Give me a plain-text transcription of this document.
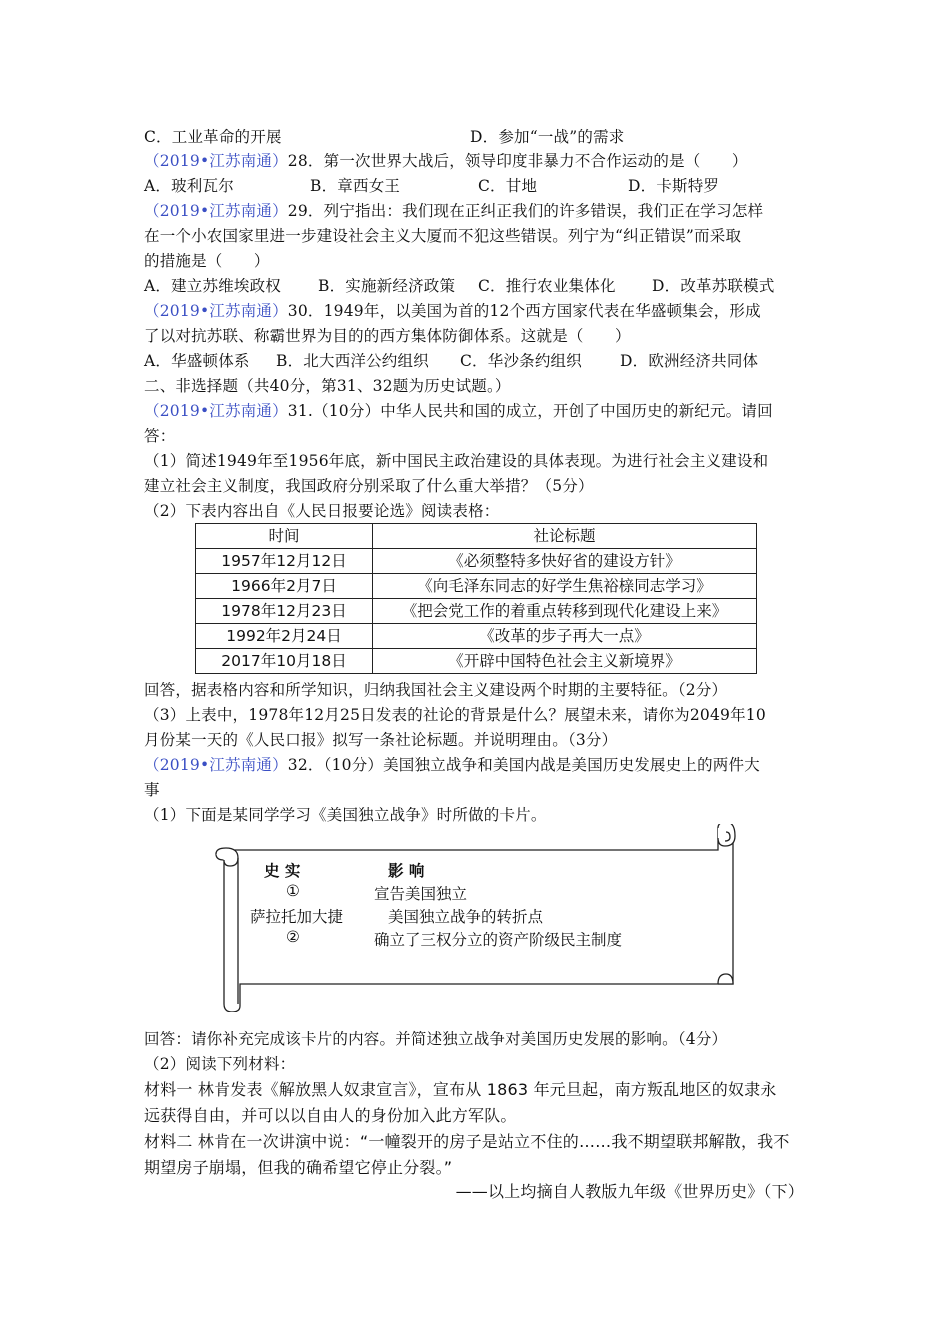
C．工业革命的开展	D．参加“一战”的需求
（2019•江苏南通）28．第一次世界大战后，领导印度非暴力不合作运动的是（　　）
A．玻利瓦尔	B．章西女王	C．甘地	D．卡斯特罗
（2019•江苏南通）29．列宁指出：我们现在正纠正我们的许多错误，我们正在学习怎样
在一个小农国家里进一步建设社会主义大厦而不犯这些错误。列宁为“纠正错误”而采取
的措施是（　　）
A．建立苏维埃政权 B．实施新经济政策 C．推行农业集体化 D．改革苏联模式
（2019•江苏南通）30．1949年，以美国为首的12个西方国家代表在华盛顿集会，形成
了以对抗苏联、称霸世界为目的的西方集体防御体系。这就是（　　）
A．华盛顿体系 B．北大西洋公约组织 C．华沙条约组织 D．欧洲经济共同体
二、非选择题（共40分，第31、32题为历史试题。）
（2019•江苏南通）31.（10分）中华人民共和国的成立，开创了中国历史的新纪元。请回
答：
（1）简述1949年至1956年底，新中国民主政治建设的具体表现。为进行社会主义建设和
建立社会主义制度，我国政府分别采取了什么重大举措？（5分）
（2）下表内容出自《人民日报要论选》阅读表格：
时间	社论标题
1957年12月12日	《必须整特多快好省的建设方针》
1966年2月7日	《向毛泽东同志的好学生焦裕榇同志学习》
1978年12月23日	《把会党工作的着重点转移到现代化建设上来》
1992年2月24日	《改革的步子再大一点》
2017年10月18日	《开辟中国特色社会主义新境界》
回答，据表格内容和所学知识，归纳我国社会主义建设两个时期的主要特征。（2分）
（3）上表中，1978年12月25日发表的社论的背景是什么？展望未来，请你为2049年10
月份某一天的《人民口报》拟写一条社论标题。并说明理由。（3分）
（2019•江苏南通）32．（10分）美国独立战争和美国内战是美国历史发展史上的两件大
事
（1）下面是某同学学习《美国独立战争》时所做的卡片。
史 实	影 响
①	宣告美国独立
萨拉托加大捷	美国独立战争的转折点
②	确立了三权分立的资产阶级民主制度
回答：请你补充完成该卡片的内容。并简述独立战争对美国历史发展的影响。（4分）
（2）阅读下列材料：
材料一 林肯发表《解放黑人奴隶宣言》，宣布从 1863 年元旦起，南方叛乱地区的奴隶永
远获得自由，并可以以自由人的身份加入此方军队。
材料二 林肯在一次讲演中说：“一幢裂开的房子是站立不住的……我不期望联邦解散，我不
期望房子崩塌，但我的确希望它停止分裂。”
——以上均摘自人教版九年级《世界历史》（下）
